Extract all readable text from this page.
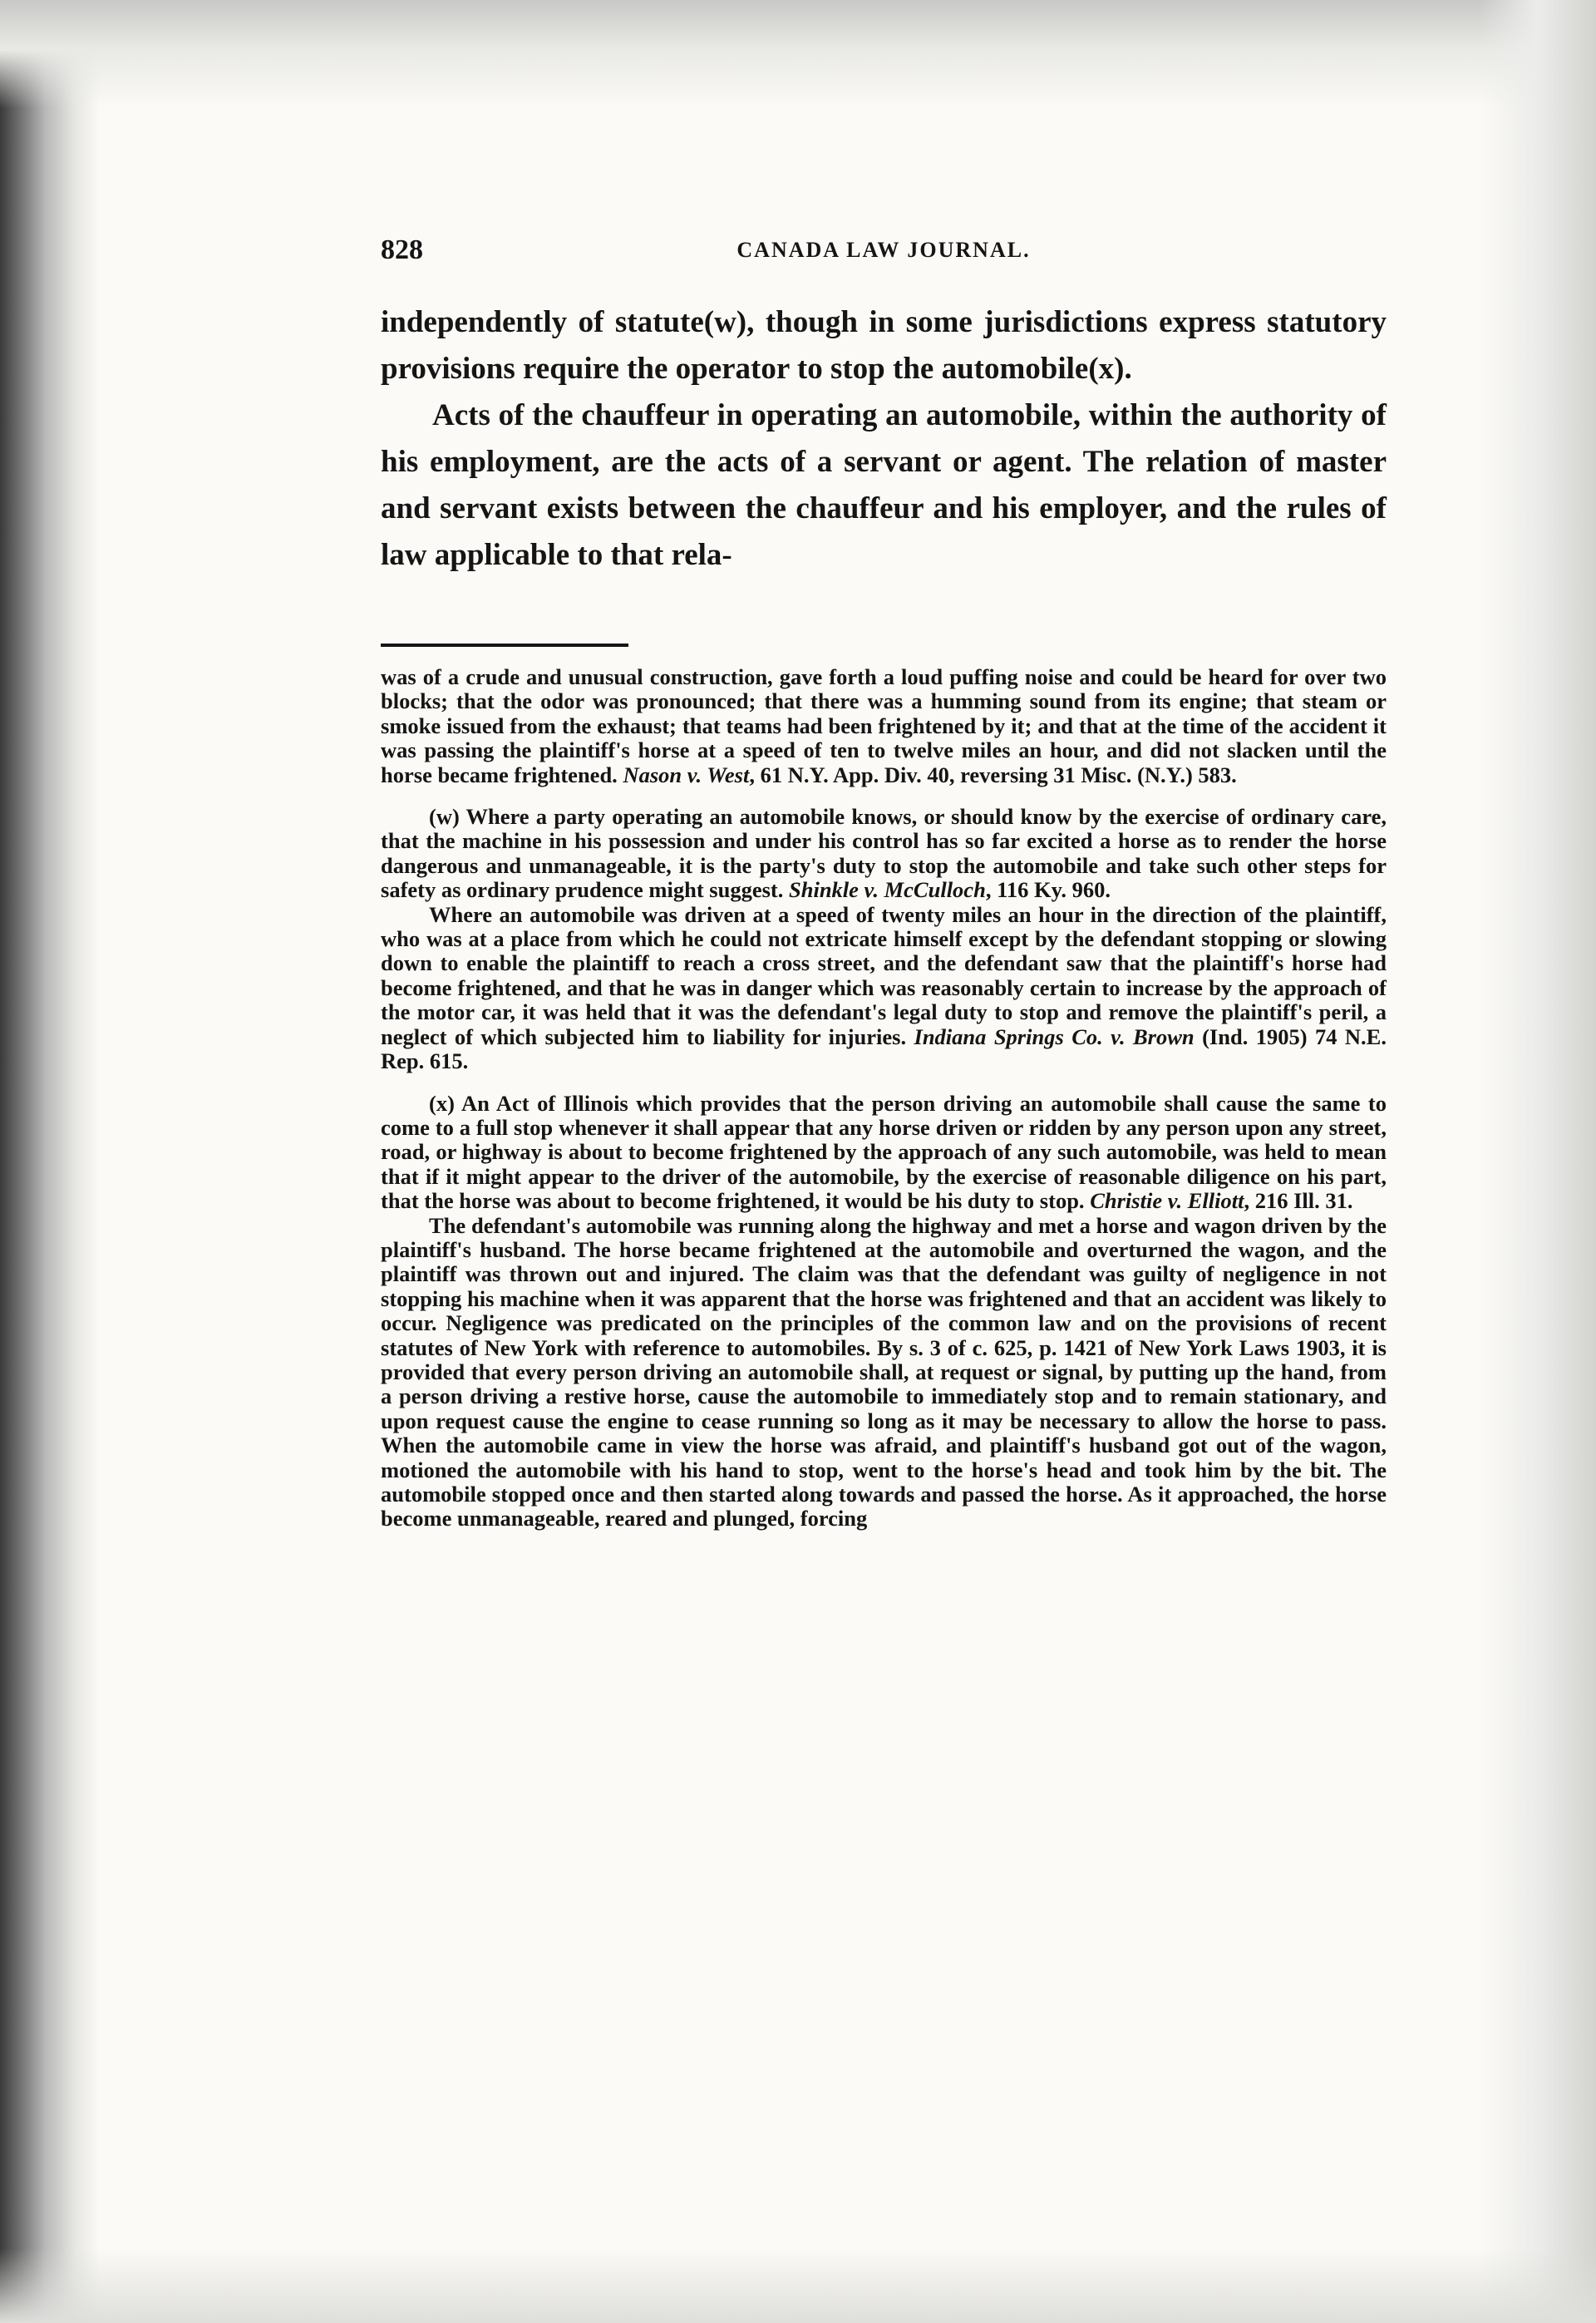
828	CANADA LAW JOURNAL.

independently of statute(w), though in some jurisdictions express statutory provisions require the operator to stop the automobile(x).

Acts of the chauffeur in operating an automobile, within the authority of his employment, are the acts of a servant or agent. The relation of master and servant exists between the chauffeur and his employer, and the rules of law applicable to that rela-

was of a crude and unusual construction, gave forth a loud puffing noise and could be heard for over two blocks; that the odor was pronounced; that there was a humming sound from its engine; that steam or smoke issued from the exhaust; that teams had been frightened by it; and that at the time of the accident it was passing the plaintiff's horse at a speed of ten to twelve miles an hour, and did not slacken until the horse became frightened. Nason v. West, 61 N.Y. App. Div. 40, reversing 31 Misc. (N.Y.) 583.

(w) Where a party operating an automobile knows, or should know by the exercise of ordinary care, that the machine in his possession and under his control has so far excited a horse as to render the horse dangerous and unmanageable, it is the party's duty to stop the automobile and take such other steps for safety as ordinary prudence might suggest. Shinkle v. McCulloch, 116 Ky. 960.

Where an automobile was driven at a speed of twenty miles an hour in the direction of the plaintiff, who was at a place from which he could not extricate himself except by the defendant stopping or slowing down to enable the plaintiff to reach a cross street, and the defendant saw that the plaintiff's horse had become frightened, and that he was in danger which was reasonably certain to increase by the approach of the motor car, it was held that it was the defendant's legal duty to stop and remove the plaintiff's peril, a neglect of which subjected him to liability for injuries. Indiana Springs Co. v. Brown (Ind. 1905) 74 N.E. Rep. 615.

(x) An Act of Illinois which provides that the person driving an automobile shall cause the same to come to a full stop whenever it shall appear that any horse driven or ridden by any person upon any street, road, or highway is about to become frightened by the approach of any such automobile, was held to mean that if it might appear to the driver of the automobile, by the exercise of reasonable diligence on his part, that the horse was about to become frightened, it would be his duty to stop. Christie v. Elliott, 216 Ill. 31.

The defendant's automobile was running along the highway and met a horse and wagon driven by the plaintiff's husband. The horse became frightened at the automobile and overturned the wagon, and the plaintiff was thrown out and injured. The claim was that the defendant was guilty of negligence in not stopping his machine when it was apparent that the horse was frightened and that an accident was likely to occur. Negligence was predicated on the principles of the common law and on the provisions of recent statutes of New York with reference to automobiles. By s. 3 of c. 625, p. 1421 of New York Laws 1903, it is provided that every person driving an automobile shall, at request or signal, by putting up the hand, from a person driving a restive horse, cause the automobile to immediately stop and to remain stationary, and upon request cause the engine to cease running so long as it may be necessary to allow the horse to pass. When the automobile came in view the horse was afraid, and plaintiff's husband got out of the wagon, motioned the automobile with his hand to stop, went to the horse's head and took him by the bit. The automobile stopped once and then started along towards and passed the horse. As it approached, the horse become unmanageable, reared and plunged, forcing
